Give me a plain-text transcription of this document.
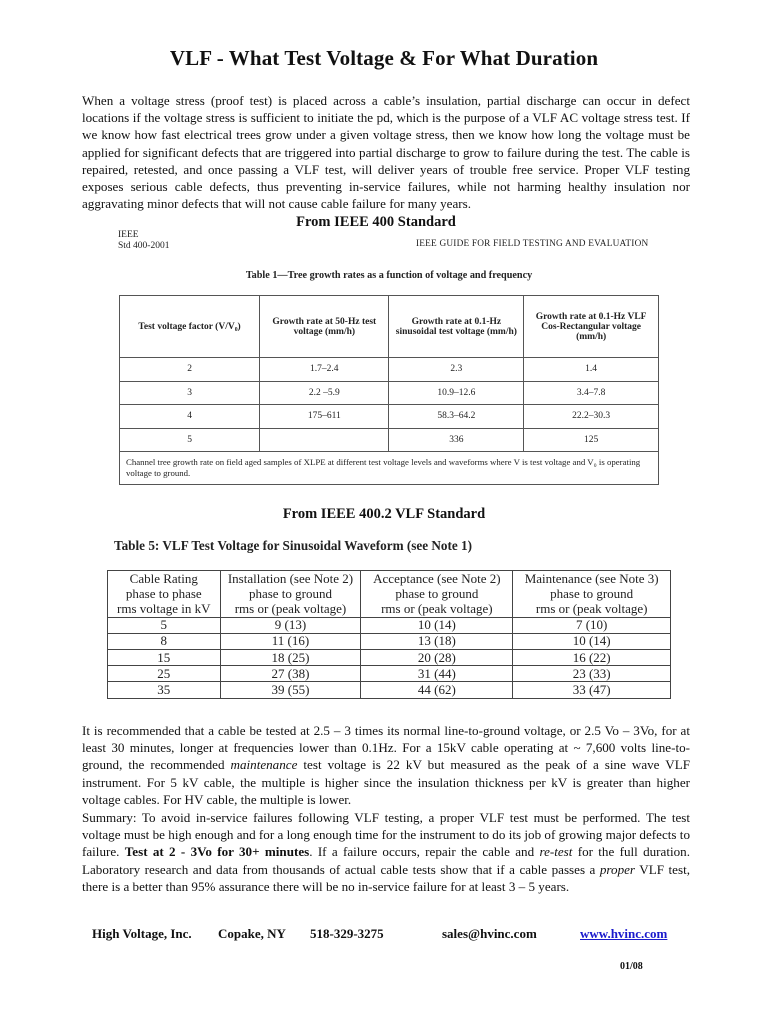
VLF - What Test Voltage & For What Duration

When a voltage stress (proof test) is placed across a cable’s insulation, partial discharge can occur in defect locations if the voltage stress is sufficient to initiate the pd, which is the purpose of a VLF AC voltage stress test. If we know how fast electrical trees grow under a given voltage stress, then we know how long the voltage must be applied for significant defects that are triggered into partial discharge to grow to failure during the test. The cable is repaired, retested, and once passing a VLF test, will deliver years of trouble free service. Proper VLF testing exposes serious cable defects, thus preventing in-service failures, while not harming healthy insulation nor aggravating minor defects that will not cause cable failure for many years.

From IEEE 400 Standard
IEEE
Std 400-2001	IEEE GUIDE FOR FIELD TESTING AND EVALUATION
Table 1—Tree growth rates as a function of voltage and frequency
Test voltage factor (V/V₀)	Growth rate at 50-Hz test voltage (mm/h)	Growth rate at 0.1-Hz sinusoidal test voltage (mm/h)	Growth rate at 0.1-Hz VLF Cos-Rectangular voltage (mm/h)
2	1.7–2.4	2.3	1.4
3	2.2 –5.9	10.9–12.6	3.4–7.8
4	175–611	58.3–64.2	22.2–30.3
5		336	125
Channel tree growth rate on field aged samples of XLPE at different test voltage levels and waveforms where V is test voltage and V₀ is operating voltage to ground.			
From IEEE 400.2 VLF Standard
Table 5: VLF Test Voltage for Sinusoidal Waveform (see Note 1)
Cable Rating	Installation (see Note 2)	Acceptance (see Note 2)	Maintenance (see Note 3)
phase to phase	phase to ground	phase to ground	phase to ground
rms voltage in kV	rms or (peak voltage)	rms or (peak voltage)	rms or (peak voltage)
5	9 (13)	10 (14)	7 (10)
8	11 (16)	13 (18)	10 (14)
15	18 (25)	20 (28)	16 (22)
25	27 (38)	31 (44)	23 (33)
35	39 (55)	44 (62)	33 (47)

It is recommended that a cable be tested at 2.5 – 3 times its normal line-to-ground voltage, or 2.5 Vo – 3Vo, for at least 30 minutes, longer at frequencies lower than 0.1Hz. For a 15kV cable operating at ~ 7,600 volts line-to-ground, the recommended maintenance test voltage is 22 kV but measured as the peak of a sine wave VLF instrument. For 5 kV cable, the multiple is higher since the insulation thickness per kV is greater than higher voltage cables. For HV cable, the multiple is lower.

Summary: To avoid in-service failures following VLF testing, a proper VLF test must be performed. The test voltage must be high enough and for a long enough time for the instrument to do its job of growing major defects to failure. Test at 2 - 3Vo for 30+ minutes. If a failure occurs, repair the cable and re-test for the full duration. Laboratory research and data from thousands of actual cable tests show that if a cable passes a proper VLF test, there is a better than 95% assurance there will be no in-service failure for at least 3 – 5 years.

High Voltage, Inc. Copake, NY 518-329-3275	sales@hvinc.com	www.hvinc.com
01/08
